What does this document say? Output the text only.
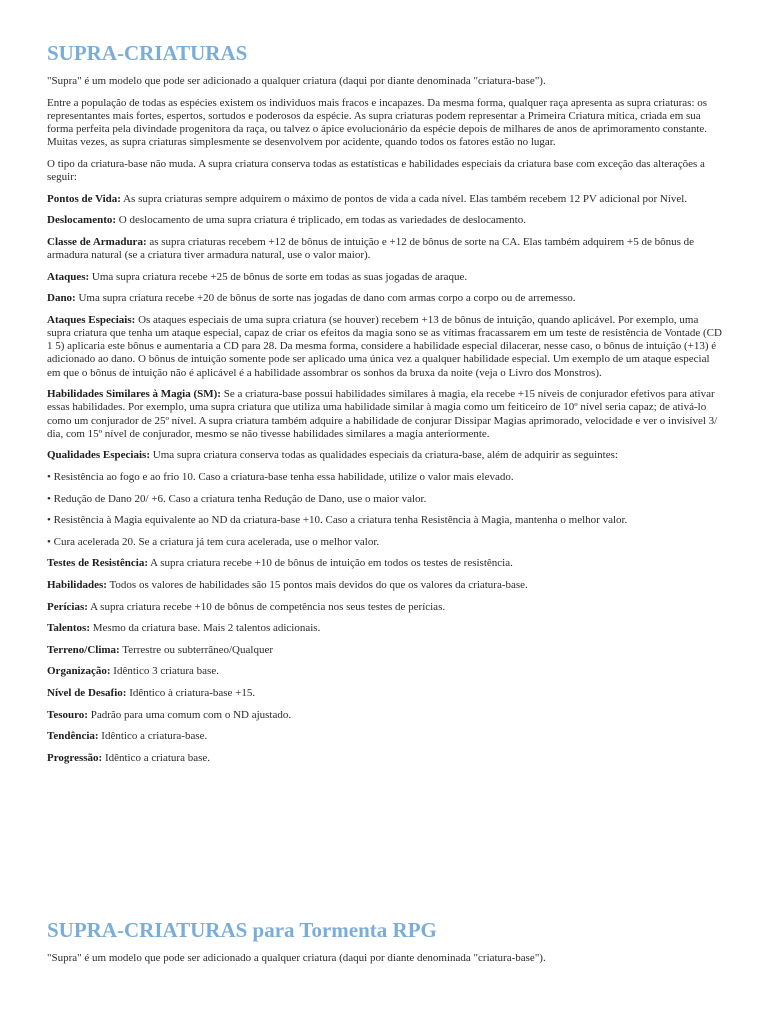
SUPRA-CRIATURAS

"Supra" é um modelo que pode ser adicionado a qualquer criatura (daqui por diante denominada "criatura-base").

Entre a população de todas as espécies existem os individuos mais fracos e incapazes. Da mesma forma, qualquer raça apresenta as supra criaturas: os representantes mais fortes, espertos, sortudos e poderosos da espécie. As supra criaturas podem representar a Primeira Criatura mítica, criada em sua forma perfeita pela divindade progenitora da raça, ou talvez o ápice evolucionário da espécie depois de milhares de anos de aprimoramento constante. Muitas vezes, as supra criaturas simplesmente se desenvolvem por acidente, quando todos os fatores estão no lugar.

O tipo da criatura-base não muda. A supra criatura conserva todas as estatísticas e habilidades especiais da criatura base com exceção das alterações a seguir:

Pontos de Vida: As supra criaturas sempre adquirem o máximo de pontos de vida a cada nível. Elas também recebem 12 PV adicional por Nível.

Deslocamento: O deslocamento de uma supra criatura é triplicado, em todas as variedades de deslocamento.

Classe de Armadura: as supra criaturas recebem +12 de bônus de intuição e +12 de bônus de sorte na CA. Elas também adquirem +5 de bônus de armadura natural (se a criatura tiver armadura natural, use o valor maior).

Ataques: Uma supra criatura recebe +25 de bônus de sorte em todas as suas jogadas de araque.

Dano: Uma supra criatura recebe +20 de bônus de sorte nas jogadas de dano com armas corpo a corpo ou de arremesso.

Ataques Especiais: Os ataques especiais de uma supra criatura (se houver) recebem +13 de bônus de intuição, quando aplicável. Por exemplo, uma supra criatura que tenha um ataque especial, capaz de criar os efeitos da magia sono se as vítimas fracassarem em um teste de resistência de Vontade (CD 1 5) aplicaria este bônus e aumentaria a CD para 28. Da mesma forma, considere a habilidade especial dilacerar, nesse caso, o bônus de intuição (+13) é adicionado ao dano. O bônus de intuição somente pode ser aplicado uma única vez a qualquer habilidade especial. Um exemplo de um ataque especial em que o bônus de intuição não é aplicável é a habilidade assombrar os sonhos da bruxa da noite (veja o Livro dos Monstros).

Habilidades Similares à Magia (SM): Se a criatura-base possui habilidades similares à magia, ela recebe +15 níveis de conjurador efetivos para ativar essas habilidades. Por exemplo, uma supra criatura que utiliza uma habilidade similar à magia como um feiticeiro de 10º nível seria capaz; de ativá-lo como um conjurador de 25º nível. A supra criatura também adquire a habilidade de conjurar Dissipar Magias aprimorado, velocidade e ver o invisível 3/ dia, com 15º nível de conjurador, mesmo se não tivesse habilidades similares a magia anteriormente.

Qualidades Especiais: Uma supra criatura conserva todas as qualidades especiais da criatura-base, além de adquirir as seguintes:

• Resistência ao fogo e ao frio 10. Caso a criatura-base tenha essa habilidade, utilize o valor mais elevado.

• Redução de Dano 20/ +6. Caso a criatura tenha Redução de Dano, use o maior valor.

• Resistência à Magia equivalente ao ND da criatura-base +10. Caso a criatura tenha Resistência à Magia, mantenha o melhor valor.

• Cura acelerada 20. Se a criatura já tem cura acelerada, use o melhor valor.

Testes de Resistência: A supra criatura recebe +10 de bônus de intuição em todos os testes de resistência.

Habilidades: Todos os valores de habilidades são 15 pontos mais devidos do que os valores da criatura-base.

Perícias: A supra criatura recebe +10 de bônus de competência nos seus testes de perícias.

Talentos: Mesmo da criatura base. Mais 2 talentos adicionais.

Terreno/Clima: Terrestre ou subterrâneo/Qualquer

Organização: Idêntico 3 criatura base.

Nível de Desafio: Idêntico à criatura-base +15.

Tesouro: Padrão para uma comum com o ND ajustado.

Tendência: Idêntico a criatura-base.

Progressão: Idêntico a criatura base.

SUPRA-CRIATURAS para Tormenta RPG

"Supra" é um modelo que pode ser adicionado a qualquer criatura (daqui por diante denominada "criatura-base").
